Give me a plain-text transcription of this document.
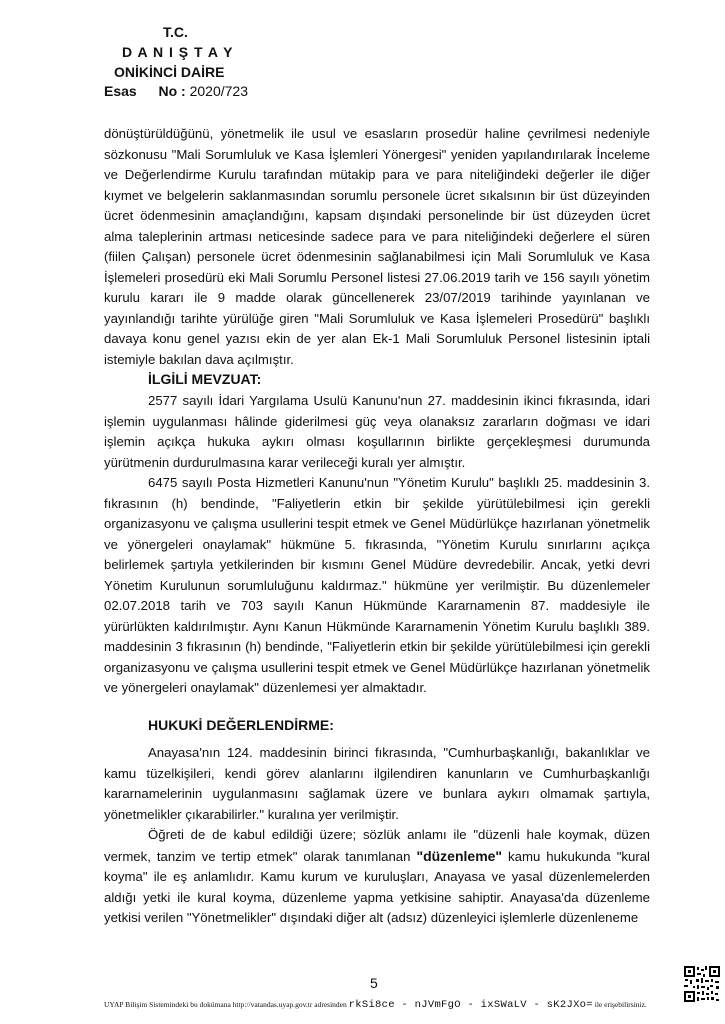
T.C.
D A N I Ş T A Y
ONİKİNCİ DAİRE
Esas No : 2020/723

dönüştürüldüğünü, yönetmelik ile usul ve esasların prosedür haline çevrilmesi nedeniyle sözkonusu "Mali Sorumluluk ve Kasa İşlemleri Yönergesi" yeniden yapılandırılarak İnceleme ve Değerlendirme Kurulu tarafından mütakip para ve para niteliğindeki değerler ile diğer kıymet ve belgelerin saklanmasından sorumlu personele ücret sıkalsının bir üst düzeyinden ücret ödenmesinin amaçlandığını, kapsam dışındaki personelinde bir üst düzeyden ücret alma taleplerinin artması neticesinde sadece para ve para niteliğindeki değerlere el süren (fiilen Çalışan) personele ücret ödenmesinin sağlanabilmesi için Mali Sorumluluk ve Kasa İşlemeleri prosedürü eki Mali Sorumlu Personel listesi 27.06.2019 tarih ve 156 sayılı yönetim kurulu kararı ile 9 madde olarak güncellenerek 23/07/2019 tarihinde yayınlanan ve yayınlandığı tarihte yürülüğe giren "Mali Sorumluluk ve Kasa İşlemeleri Prosedürü" başlıklı davaya konu genel yazısı ekin de yer alan Ek-1 Mali Sorumluluk Personel listesinin iptali istemiyle bakılan dava açılmıştır.

İLGİLİ MEVZUAT:

2577 sayılı İdari Yargılama Usulü Kanunu'nun 27. maddesinin ikinci fıkrasında, idari işlemin uygulanması hâlinde giderilmesi güç veya olanaksız zararların doğması ve idari işlemin açıkça hukuka aykırı olması koşullarının birlikte gerçekleşmesi durumunda yürütmenin durdurulmasına karar verileceği kuralı yer almıştır.

6475 sayılı Posta Hizmetleri Kanunu'nun "Yönetim Kurulu" başlıklı 25. maddesinin 3. fıkrasının (h) bendinde, "Faliyetlerin etkin bir şekilde yürütülebilmesi için gerekli organizasyonu ve çalışma usullerini tespit etmek ve Genel Müdürlükçe hazırlanan yönetmelik ve yönergeleri onaylamak" hükmüne 5. fıkrasında, "Yönetim Kurulu sınırlarını açıkça belirlemek şartıyla yetkilerinden bir kısmını Genel Müdüre devredebilir. Ancak, yetki devri Yönetim Kurulunun sorumluluğunu kaldırmaz." hükmüne yer verilmiştir. Bu düzenlemeler 02.07.2018 tarih ve 703 sayılı Kanun Hükmünde Kararnamenin 87. maddesiyle ile yürürlükten kaldırılmıştır. Aynı Kanun Hükmünde Kararnamenin Yönetim Kurulu başlıklı 389. maddesinin 3 fıkrasının (h) bendinde, "Faliyetlerin etkin bir şekilde yürütülebilmesi için gerekli organizasyonu ve çalışma usullerini tespit etmek ve Genel Müdürlükçe hazırlanan yönetmelik ve yönergeleri onaylamak" düzenlemesi yer almaktadır.

HUKUKİ DEĞERLENDİRME:

Anayasa'nın 124. maddesinin birinci fıkrasında, "Cumhurbaşkanlığı, bakanlıklar ve kamu tüzelkişileri, kendi görev alanlarını ilgilendiren kanunların ve Cumhurbaşkanlığı kararnamelerinin uygulanmasını sağlamak üzere ve bunlara aykırı olmamak şartıyla, yönetmelikler çıkarabilirler." kuralına yer verilmiştir.

Öğreti de de kabul edildiği üzere; sözlük anlamı ile "düzenli hale koymak, düzen vermek, tanzim ve tertip etmek" olarak tanımlanan "düzenleme" kamu hukukunda "kural koyma" ile eş anlamlıdır. Kamu kurum ve kuruluşları, Anayasa ve yasal düzenlemelerden aldığı yetki ile kural koyma, düzenleme yapma yetkisine sahiptir. Anayasa'da düzenleme yetkisi verilen "Yönetmelikler" dışındaki diğer alt (adsız) düzenleyici işlemlerle düzenleneme

5
UYAP Bilişim Sistemindeki bu dokümana http://vatandas.uyap.gov.tr adresinden rkSi8ce - nJVmFgO - ixSWaLV - sK2JXo= ile erişebilirsiniz.
